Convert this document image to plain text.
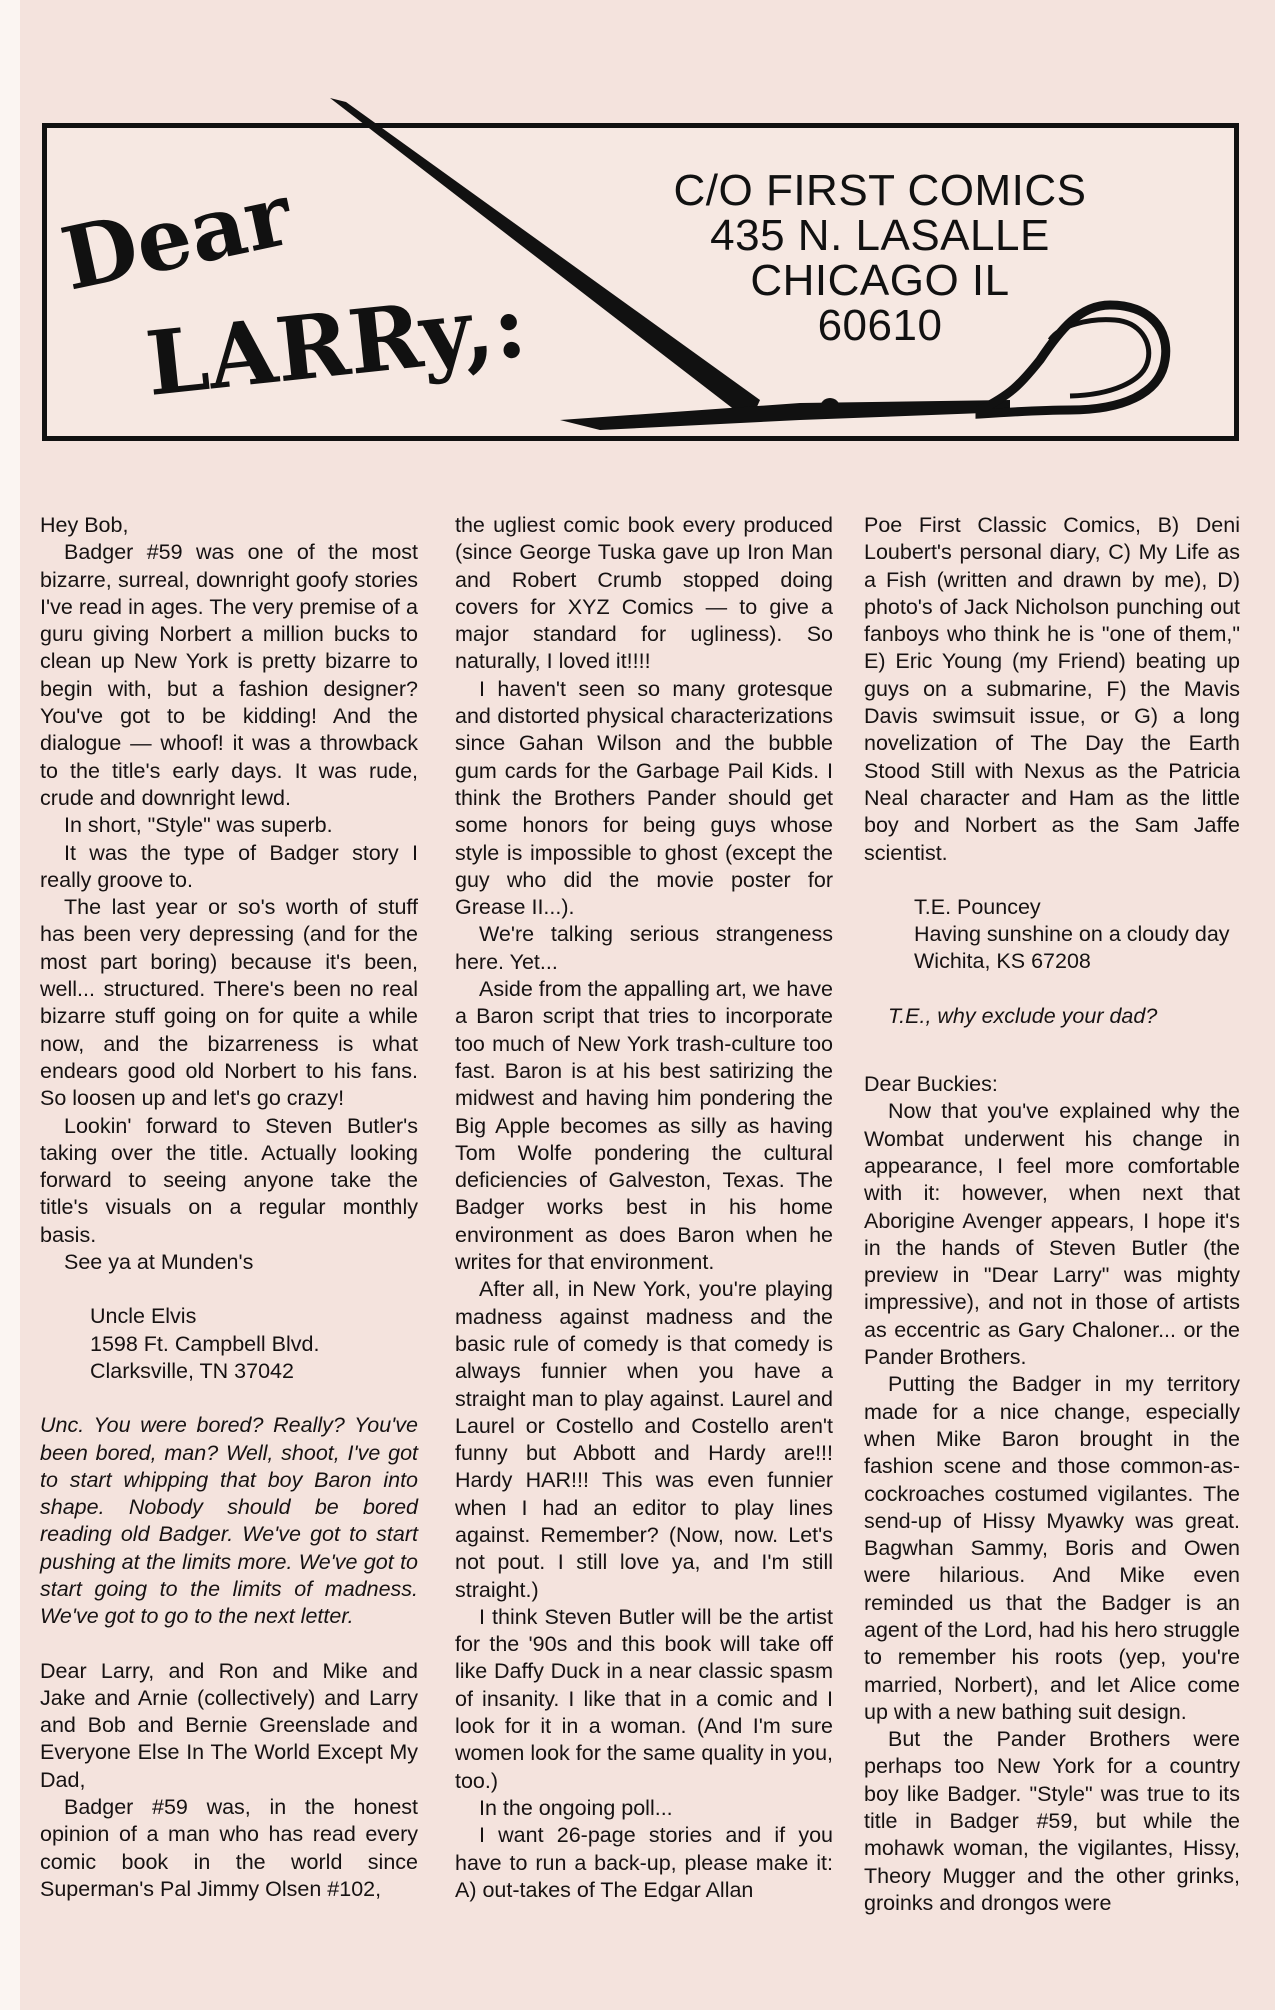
Dear
LARRy,:
C/O FIRST COMICS
435 N. LASALLE
CHICAGO IL
60610

Hey Bob,

Badger #59 was one of the most bizarre, surreal, downright goofy stories I've read in ages. The very premise of a guru giving Norbert a million bucks to clean up New York is pretty bizarre to begin with, but a fashion designer? You've got to be kidding! And the dialogue — whoof! it was a throwback to the title's early days. It was rude, crude and downright lewd.

In short, "Style" was superb.

It was the type of Badger story I really groove to.

The last year or so's worth of stuff has been very depressing (and for the most part boring) because it's been, well... structured. There's been no real bizarre stuff going on for quite a while now, and the bizarreness is what endears good old Norbert to his fans. So loosen up and let's go crazy!

Lookin' forward to Steven Butler's taking over the title. Actually looking forward to seeing anyone take the title's visuals on a regular monthly basis.

See ya at Munden's

Uncle Elvis

1598 Ft. Campbell Blvd.

Clarksville, TN 37042

Unc. You were bored? Really? You've been bored, man? Well, shoot, I've got to start whipping that boy Baron into shape. Nobody should be bored reading old Badger. We've got to start pushing at the limits more. We've got to start going to the limits of madness. We've got to go to the next letter.

Dear Larry, and Ron and Mike and Jake and Arnie (collectively) and Larry and Bob and Bernie Greenslade and Everyone Else In The World Except My Dad,

Badger #59 was, in the honest opinion of a man who has read every comic book in the world since Superman's Pal Jimmy Olsen #102,

the ugliest comic book every produced (since George Tuska gave up Iron Man and Robert Crumb stopped doing covers for XYZ Comics — to give a major standard for ugliness). So naturally, I loved it!!!!

I haven't seen so many grotesque and distorted physical characterizations since Gahan Wilson and the bubble gum cards for the Garbage Pail Kids. I think the Brothers Pander should get some honors for being guys whose style is impossible to ghost (except the guy who did the movie poster for Grease II...).

We're talking serious strangeness here. Yet...

Aside from the appalling art, we have a Baron script that tries to incorporate too much of New York trash-culture too fast. Baron is at his best satirizing the midwest and having him pondering the Big Apple becomes as silly as having Tom Wolfe pondering the cultural deficiencies of Galveston, Texas. The Badger works best in his home environment as does Baron when he writes for that environment.

After all, in New York, you're playing madness against madness and the basic rule of comedy is that comedy is always funnier when you have a straight man to play against. Laurel and Laurel or Costello and Costello aren't funny but Abbott and Hardy are!!! Hardy HAR!!! This was even funnier when I had an editor to play lines against. Remember? (Now, now. Let's not pout. I still love ya, and I'm still straight.)

I think Steven Butler will be the artist for the '90s and this book will take off like Daffy Duck in a near classic spasm of insanity. I like that in a comic and I look for it in a woman. (And I'm sure women look for the same quality in you, too.)

In the ongoing poll...

I want 26-page stories and if you have to run a back-up, please make it: A) out-takes of The Edgar Allan

Poe First Classic Comics, B) Deni Loubert's personal diary, C) My Life as a Fish (written and drawn by me), D) photo's of Jack Nicholson punching out fanboys who think he is "one of them," E) Eric Young (my Friend) beating up guys on a submarine, F) the Mavis Davis swimsuit issue, or G) a long novelization of The Day the Earth Stood Still with Nexus as the Patricia Neal character and Ham as the little boy and Norbert as the Sam Jaffe scientist.

T.E. Pouncey

Having sunshine on a cloudy day

Wichita, KS 67208

T.E., why exclude your dad?

Dear Buckies:

Now that you've explained why the Wombat underwent his change in appearance, I feel more comfortable with it: however, when next that Aborigine Avenger appears, I hope it's in the hands of Steven Butler (the preview in "Dear Larry" was mighty impressive), and not in those of artists as eccentric as Gary Chaloner... or the Pander Brothers.

Putting the Badger in my territory made for a nice change, especially when Mike Baron brought in the fashion scene and those common-as-cockroaches costumed vigilantes. The send-up of Hissy Myawky was great. Bagwhan Sammy, Boris and Owen were hilarious. And Mike even reminded us that the Badger is an agent of the Lord, had his hero struggle to remember his roots (yep, you're married, Norbert), and let Alice come up with a new bathing suit design.

But the Pander Brothers were perhaps too New York for a country boy like Badger. "Style" was true to its title in Badger #59, but while the mohawk woman, the vigilantes, Hissy, Theory Mugger and the other grinks, groinks and drongos were
